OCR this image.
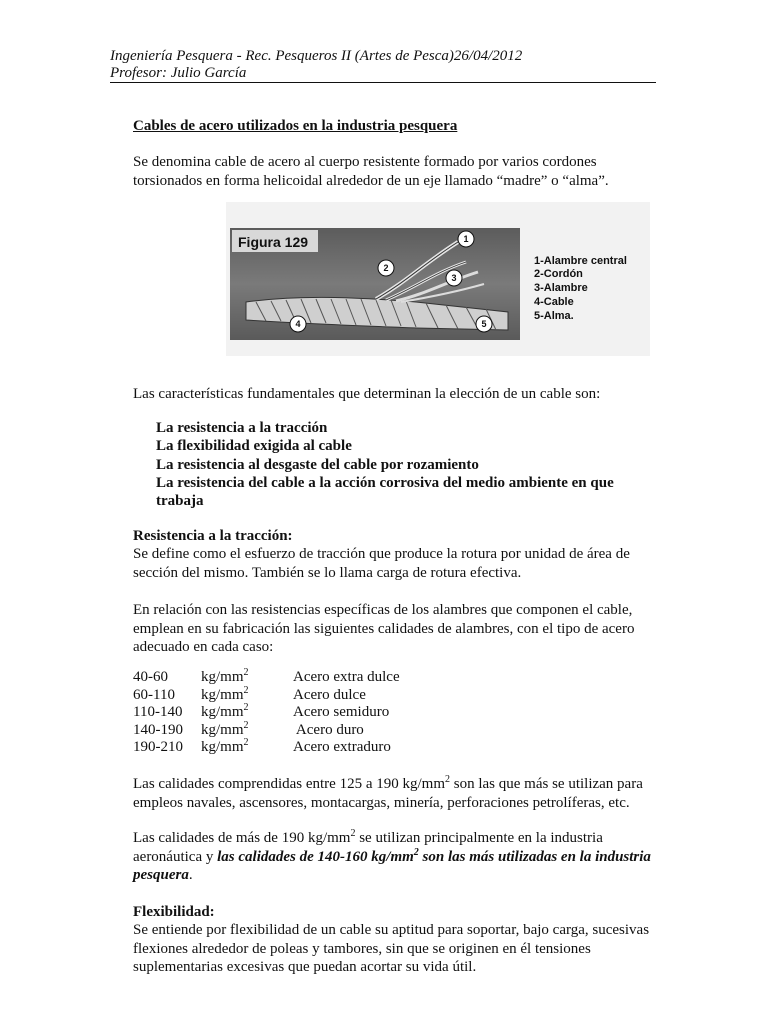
Ingeniería Pesquera - Rec. Pesqueros II (Artes de Pesca)26/04/2012
Profesor: Julio García
Cables de acero utilizados en la industria pesquera
Se denomina cable de acero al cuerpo resistente formado por varios cordones torsionados en forma helicoidal alrededor de un eje llamado “madre” o “alma”.
Figura 129	1
2
3
4	5
1-Alambre central
2-Cordón
3-Alambre
4-Cable
5-Alma.
Las características fundamentales que determinan la elección de un cable son:
La resistencia a la tracción
La flexibilidad exigida al cable
La resistencia al desgaste del cable por rozamiento
La resistencia del cable a la acción corrosiva del medio ambiente en que trabaja
Resistencia a la tracción:
Se define como el esfuerzo de tracción que produce la rotura por unidad de área de sección del mismo. También se lo llama carga de rotura efectiva.
En relación con las resistencias específicas de los alambres que componen el cable, emplean en su fabricación las siguientes calidades de alambres, con el tipo de acero adecuado en cada caso:
40-60 $kg/mm^2$	Acero extra dulce
60-110 $kg/mm^2$	Acero dulce
110-140 $kg/mm^2$	Acero semiduro
140-190 $kg/mm^2$	Acero duro
190-210 $kg/mm^2$	Acero extraduro
Las calidades comprendidas entre 125 a 190 $kg/mm^2$ son las que más se utilizan para empleos navales, ascensores, montacargas, minería, perforaciones petrolíferas, etc.
Las calidades de más de 190 $kg/mm^2$ se utilizan principalmente en la industria aeronáutica y las calidades de 140-160 $kg/mm^2$ son las más utilizadas en la industria pesquera.
Flexibilidad:
Se entiende por flexibilidad de un cable su aptitud para soportar, bajo carga, sucesivas flexiones alrededor de poleas y tambores, sin que se originen en él tensiones suplementarias excesivas que puedan acortar su vida útil.
